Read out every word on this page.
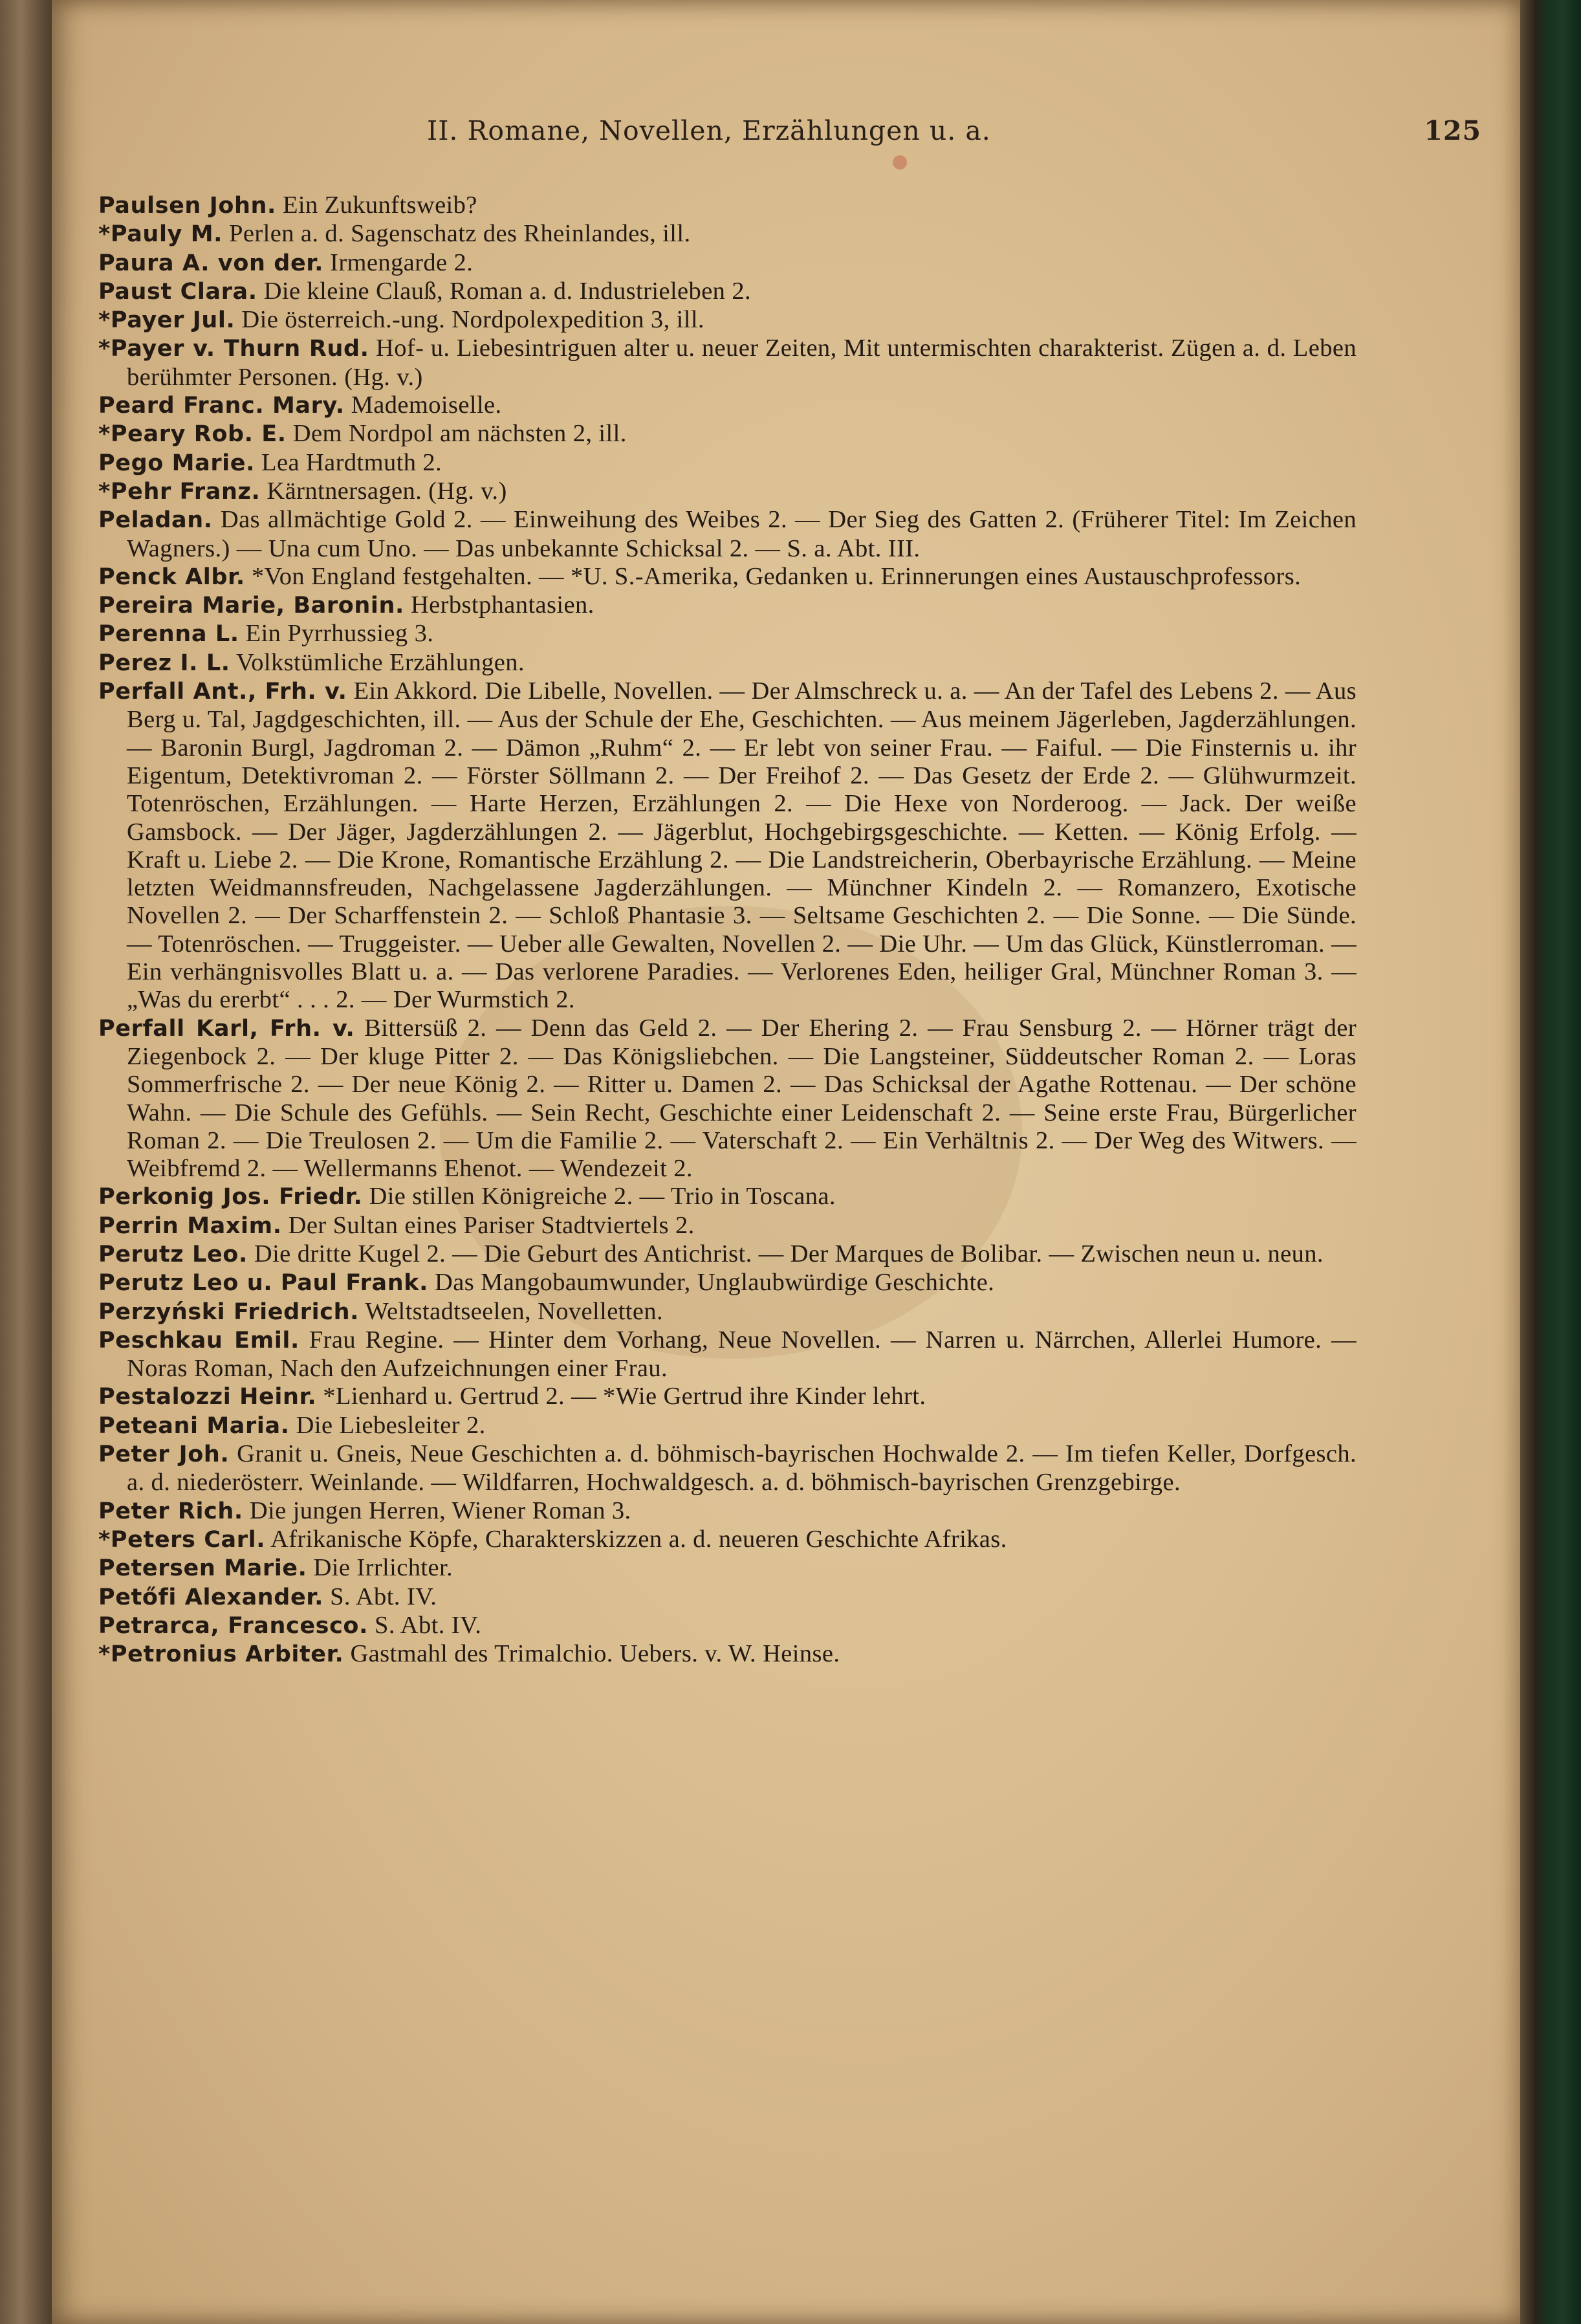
II. Romane, Novellen, Erzählungen u. a.	125

Paulsen John. Ein Zukunftsweib?

*Pauly M. Perlen a. d. Sagenschatz des Rheinlandes, ill.

Paura A. von der. Irmengarde 2.

Paust Clara. Die kleine Clauß, Roman a. d. Industrieleben 2.

*Payer Jul. Die österreich.-ung. Nordpolexpedition 3, ill.

*Payer v. Thurn Rud. Hof- u. Liebesintriguen alter u. neuer Zeiten, Mit untermischten charakterist. Zügen a. d. Leben berühmter Personen. (Hg. v.)

Peard Franc. Mary. Mademoiselle.

*Peary Rob. E. Dem Nordpol am nächsten 2, ill.

Pego Marie. Lea Hardtmuth 2.

*Pehr Franz. Kärntnersagen. (Hg. v.)

Peladan. Das allmächtige Gold 2. — Einweihung des Weibes 2. — Der Sieg des Gatten 2. (Früherer Titel: Im Zeichen Wagners.) — Una cum Uno. — Das unbekannte Schicksal 2. — S. a. Abt. III.

Penck Albr. *Von England festgehalten. — *U. S.-Amerika, Gedanken u. Erinnerungen eines Austauschprofessors.

Pereira Marie, Baronin. Herbstphantasien.

Perenna L. Ein Pyrrhussieg 3.

Perez I. L. Volkstümliche Erzählungen.

Perfall Ant., Frh. v. Ein Akkord. Die Libelle, Novellen. — Der Almschreck u. a. — An der Tafel des Lebens 2. — Aus Berg u. Tal, Jagdgeschichten, ill. — Aus der Schule der Ehe, Geschichten. — Aus meinem Jägerleben, Jagderzählungen. — Baronin Burgl, Jagdroman 2. — Dämon „Ruhm“ 2. — Er lebt von seiner Frau. — Faiful. — Die Finsternis u. ihr Eigentum, Detektivroman 2. — Förster Söllmann 2. — Der Freihof 2. — Das Gesetz der Erde 2. — Glühwurmzeit. Totenröschen, Erzählungen. — Harte Herzen, Erzählungen 2. — Die Hexe von Norderoog. — Jack. Der weiße Gamsbock. — Der Jäger, Jagderzählungen 2. — Jägerblut, Hochgebirgsgeschichte. — Ketten. — König Erfolg. — Kraft u. Liebe 2. — Die Krone, Romantische Erzählung 2. — Die Landstreicherin, Oberbayrische Erzählung. — Meine letzten Weidmannsfreuden, Nachgelassene Jagderzählungen. — Münchner Kindeln 2. — Romanzero, Exotische Novellen 2. — Der Scharffenstein 2. — Schloß Phantasie 3. — Seltsame Geschichten 2. — Die Sonne. — Die Sünde. — Totenröschen. — Truggeister. — Ueber alle Gewalten, Novellen 2. — Die Uhr. — Um das Glück, Künstlerroman. — Ein verhängnisvolles Blatt u. a. — Das verlorene Paradies. — Verlorenes Eden, heiliger Gral, Münchner Roman 3. — „Was du ererbt“ . . . 2. — Der Wurmstich 2.

Perfall Karl, Frh. v. Bittersüß 2. — Denn das Geld 2. — Der Ehering 2. — Frau Sensburg 2. — Hörner trägt der Ziegenbock 2. — Der kluge Pitter 2. — Das Königsliebchen. — Die Langsteiner, Süddeutscher Roman 2. — Loras Sommerfrische 2. — Der neue König 2. — Ritter u. Damen 2. — Das Schicksal der Agathe Rottenau. — Der schöne Wahn. — Die Schule des Gefühls. — Sein Recht, Geschichte einer Leidenschaft 2. — Seine erste Frau, Bürgerlicher Roman 2. — Die Treulosen 2. — Um die Familie 2. — Vaterschaft 2. — Ein Verhältnis 2. — Der Weg des Witwers. — Weibfremd 2. — Wellermanns Ehenot. — Wendezeit 2.

Perkonig Jos. Friedr. Die stillen Königreiche 2. — Trio in Toscana.

Perrin Maxim. Der Sultan eines Pariser Stadtviertels 2.

Perutz Leo. Die dritte Kugel 2. — Die Geburt des Antichrist. — Der Marques de Bolibar. — Zwischen neun u. neun.

Perutz Leo u. Paul Frank. Das Mangobaumwunder, Unglaubwürdige Geschichte.

Perzyński Friedrich. Weltstadtseelen, Novelletten.

Peschkau Emil. Frau Regine. — Hinter dem Vorhang, Neue Novellen. — Narren u. Närrchen, Allerlei Humore. — Noras Roman, Nach den Aufzeichnungen einer Frau.

Pestalozzi Heinr. *Lienhard u. Gertrud 2. — *Wie Gertrud ihre Kinder lehrt.

Peteani Maria. Die Liebesleiter 2.

Peter Joh. Granit u. Gneis, Neue Geschichten a. d. böhmisch-bayrischen Hochwalde 2. — Im tiefen Keller, Dorfgesch. a. d. niederösterr. Weinlande. — Wildfarren, Hochwaldgesch. a. d. böhmisch-bayrischen Grenzgebirge.

Peter Rich. Die jungen Herren, Wiener Roman 3.

*Peters Carl. Afrikanische Köpfe, Charakterskizzen a. d. neueren Geschichte Afrikas.

Petersen Marie. Die Irrlichter.

Petőfi Alexander. S. Abt. IV.

Petrarca, Francesco. S. Abt. IV.

*Petronius Arbiter. Gastmahl des Trimalchio. Uebers. v. W. Heinse.
